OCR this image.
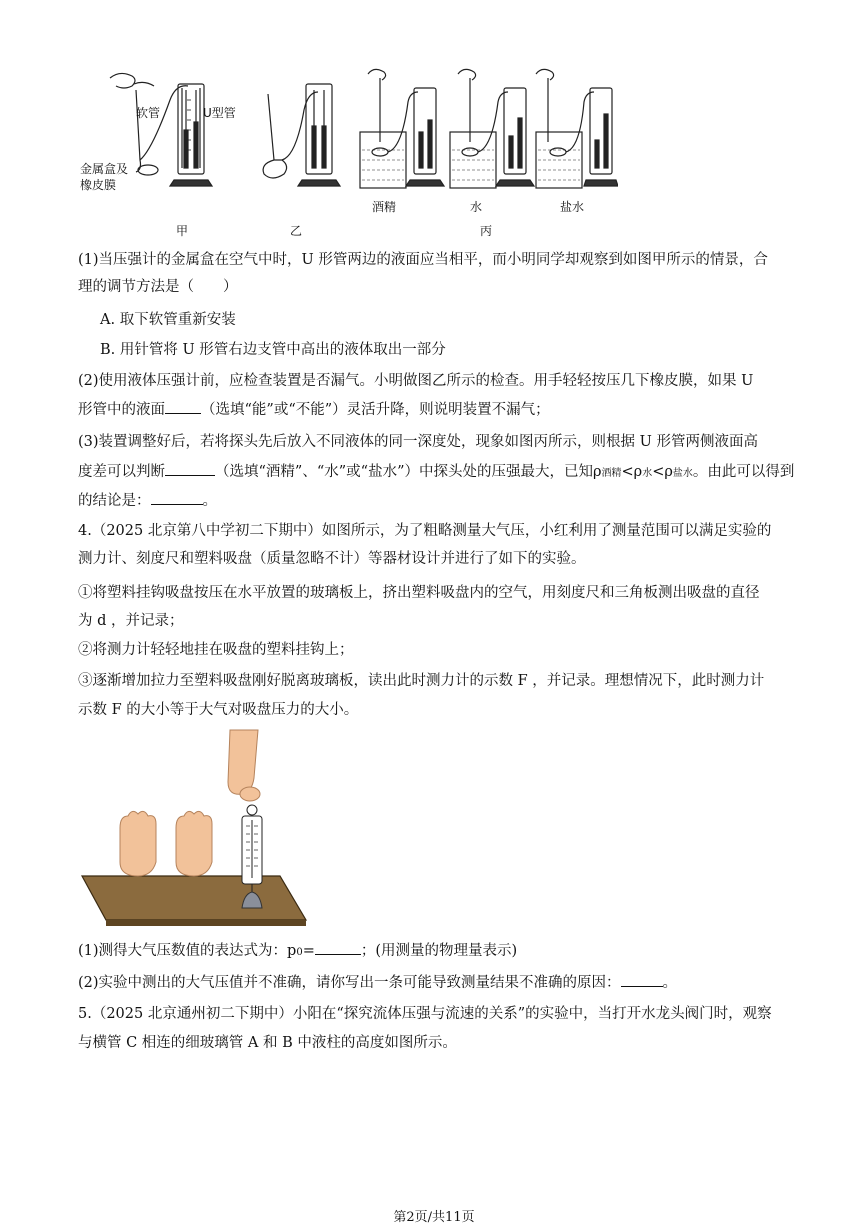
软管	U型管
金属盒及
橡皮膜
酒精	水	盐水
甲	乙	丙
(1)当压强计的金属盒在空气中时，U 形管两边的液面应当相平，而小明同学却观察到如图甲所示的情景，合
理的调节方法是（　　）
A. 取下软管重新安装
B. 用针管将 U 形管右边支管中高出的液体取出一部分
(2)使用液体压强计前，应检查装置是否漏气。小明做图乙所示的检查。用手轻轻按压几下橡皮膜，如果 U
形管中的液面 （选填“能”或“不能”）灵活升降，则说明装置不漏气；
(3)装置调整好后，若将探头先后放入不同液体的同一深度处，现象如图丙所示，则根据 U 形管两侧液面高
度差可以判断	（选填“酒精”、“水”或“盐水”）中探头处的压强最大，已知ρ酒精<ρ水<ρ盐水。由此可以得到
的结论是：	。
4.（2025 北京第八中学初二下期中）如图所示，为了粗略测量大气压，小红利用了测量范围可以满足实验的
测力计、刻度尺和塑料吸盘（质量忽略不计）等器材设计并进行了如下的实验。
①将塑料挂钩吸盘按压在水平放置的玻璃板上，挤出塑料吸盘内的空气，用刻度尺和三角板测出吸盘的直径
为 d ，并记录；
②将测力计轻轻地挂在吸盘的塑料挂钩上；
③逐渐增加拉力至塑料吸盘刚好脱离玻璃板，读出此时测力计的示数 F ，并记录。理想情况下，此时测力计
示数 F 的大小等于大气对吸盘压力的大小。
(1)测得大气压数值的表达式为：p0=	；(用测量的物理量表示)
(2)实验中测出的大气压值并不准确，请你写出一条可能导致测量结果不准确的原因：	。
5.（2025 北京通州初二下期中）小阳在“探究流体压强与流速的关系”的实验中，当打开水龙头阀门时，观察
与横管 C 相连的细玻璃管 A 和 B 中液柱的高度如图所示。
第2页/共11页
